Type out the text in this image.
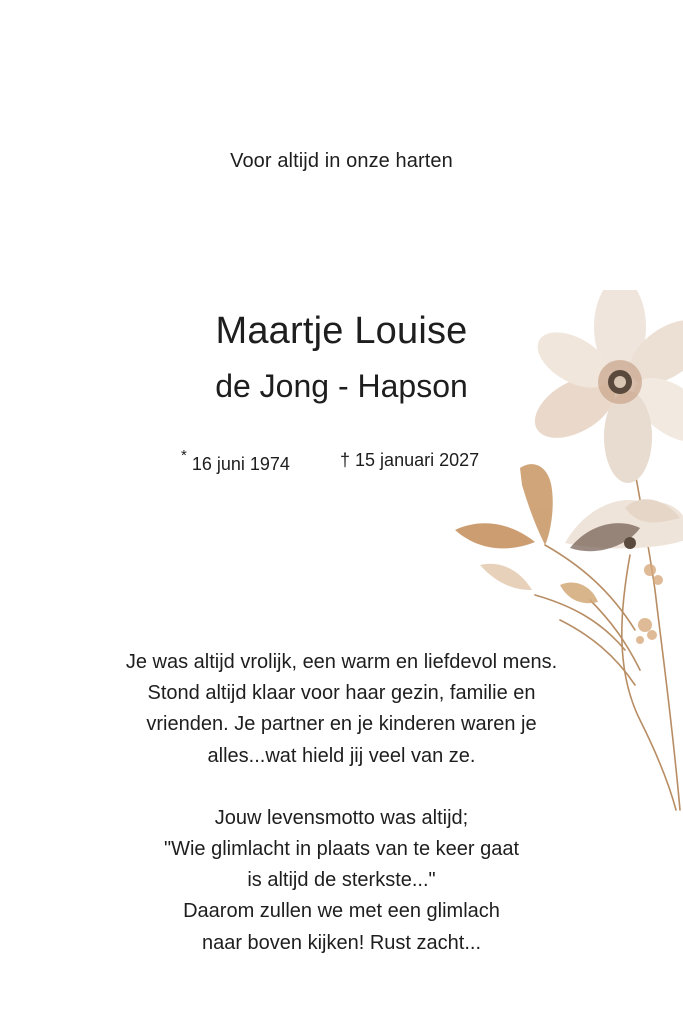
Voor altijd in onze harten
Maartje Louise
de Jong - Hapson
* 16 juni 1974	† 15 januari 2027

Je was altijd vrolijk, een warm en liefdevol mens.

Stond altijd klaar voor haar gezin, familie en

vrienden. Je partner en je kinderen waren je

alles...wat hield jij veel van ze.

Jouw levensmotto was altijd;

"Wie glimlacht in plaats van te keer gaat

is altijd de sterkste..."

Daarom zullen we met een glimlach

naar boven kijken! Rust zacht...
